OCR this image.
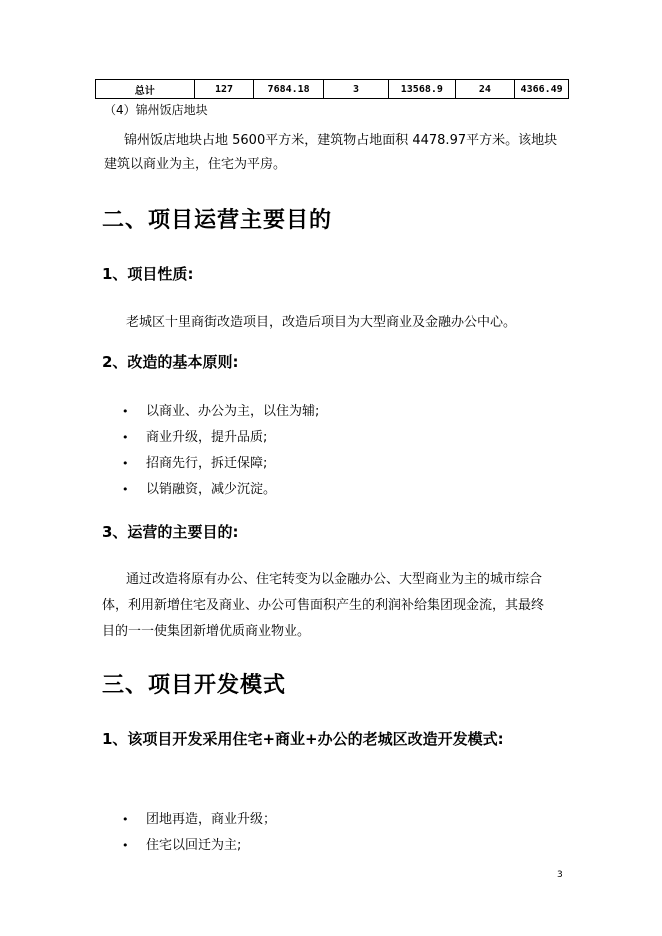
总计	127	7684.18	3	13568.9	24	4366.49
（4）锦州饭店地块
锦州饭店地块占地 5600平方米，建筑物占地面积 4478.97平方米。该地块
建筑以商业为主，住宅为平房。
二、项目运营主要目的
1、项目性质:
老城区十里商街改造项目，改造后项目为大型商业及金融办公中心。
2、改造的基本原则:
• 以商业、办公为主，以住为辅;
• 商业升级，提升品质;
• 招商先行，拆迁保障;
• 以销融资，减少沉淀。
3、运营的主要目的:
通过改造将原有办公、住宅转变为以金融办公、大型商业为主的城市综合
体，利用新增住宅及商业、办公可售面积产生的利润补给集团现金流，其最终
目的一一使集团新增优质商业物业。
三、项目开发模式
1、该项目开发采用住宅+商业+办公的老城区改造开发模式:
• 团地再造，商业升级；
• 住宅以回迁为主;
3
